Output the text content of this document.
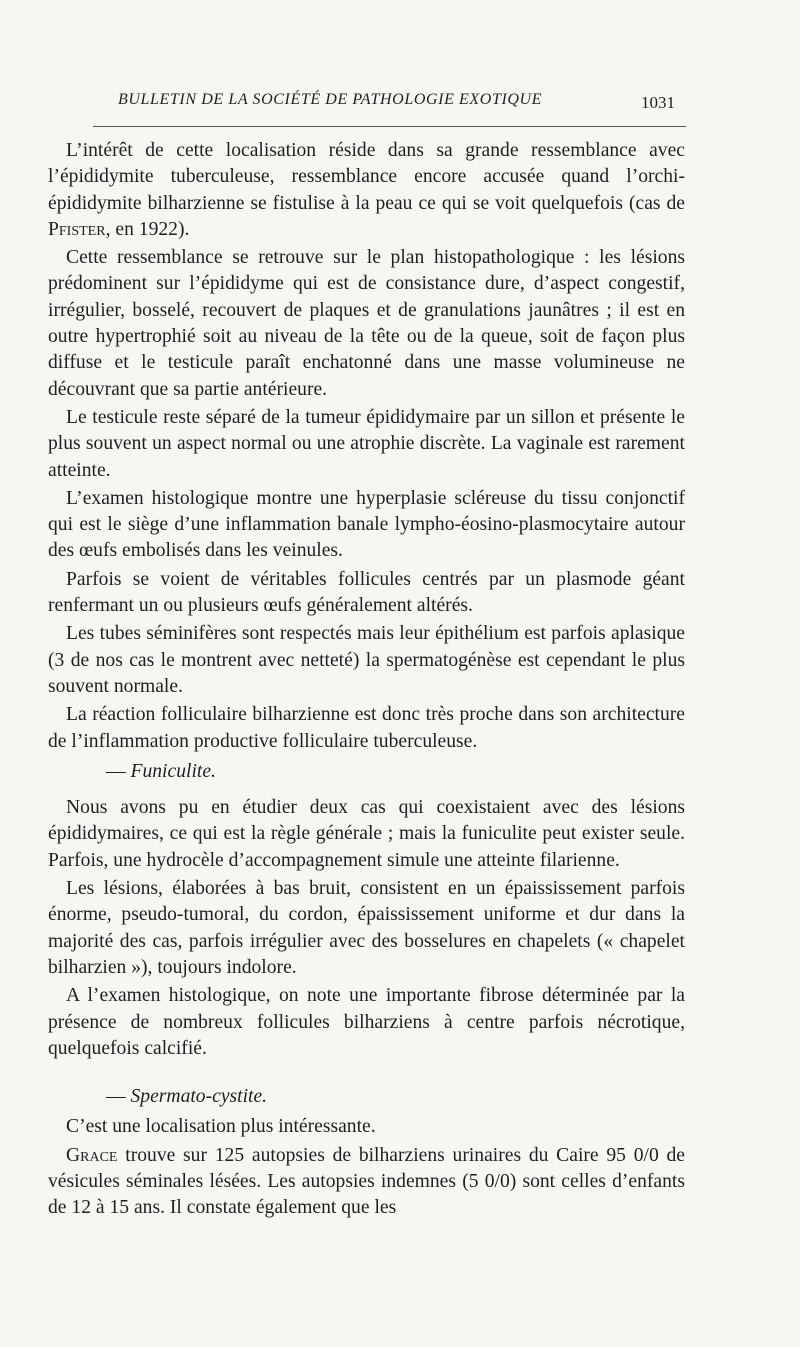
BULLETIN DE LA SOCIÉTÉ DE PATHOLOGIE EXOTIQUE	1031

L’intérêt de cette localisation réside dans sa grande ressemblance avec l’épididymite tuberculeuse, ressemblance encore accusée quand l’orchi-épididymite bilharzienne se fistulise à la peau ce qui se voit quelquefois (cas de Pfister, en 1922).

Cette ressemblance se retrouve sur le plan histopathologique : les lésions prédominent sur l’épididyme qui est de consistance dure, d’aspect congestif, irrégulier, bosselé, recouvert de plaques et de granulations jaunâtres ; il est en outre hypertrophié soit au niveau de la tête ou de la queue, soit de façon plus diffuse et le testicule paraît enchatonné dans une masse volumineuse ne découvrant que sa partie antérieure.

Le testicule reste séparé de la tumeur épididymaire par un sillon et présente le plus souvent un aspect normal ou une atrophie discrète. La vaginale est rarement atteinte.

L’examen histologique montre une hyperplasie scléreuse du tissu conjonctif qui est le siège d’une inflammation banale lympho-éosino-plasmocytaire autour des œufs embolisés dans les veinules.

Parfois se voient de véritables follicules centrés par un plasmode géant renfermant un ou plusieurs œufs généralement altérés.

Les tubes séminifères sont respectés mais leur épithélium est parfois aplasique (3 de nos cas le montrent avec netteté) la spermatogénèse est cependant le plus souvent normale.

La réaction folliculaire bilharzienne est donc très proche dans son architecture de l’inflammation productive folliculaire tuberculeuse.

— Funiculite.

Nous avons pu en étudier deux cas qui coexistaient avec des lésions épididymaires, ce qui est la règle générale ; mais la funiculite peut exister seule. Parfois, une hydrocèle d’accompagnement simule une atteinte filarienne.

Les lésions, élaborées à bas bruit, consistent en un épaississement parfois énorme, pseudo-tumoral, du cordon, épaississement uniforme et dur dans la majorité des cas, parfois irrégulier avec des bosselures en chapelets (« chapelet bilharzien »), toujours indolore.

A l’examen histologique, on note une importante fibrose déterminée par la présence de nombreux follicules bilharziens à centre parfois nécrotique, quelquefois calcifié.

— Spermato-cystite.

C’est une localisation plus intéressante.

Grace trouve sur 125 autopsies de bilharziens urinaires du Caire 95 0/0 de vésicules séminales lésées. Les autopsies indemnes (5 0/0) sont celles d’enfants de 12 à 15 ans. Il constate également que les
